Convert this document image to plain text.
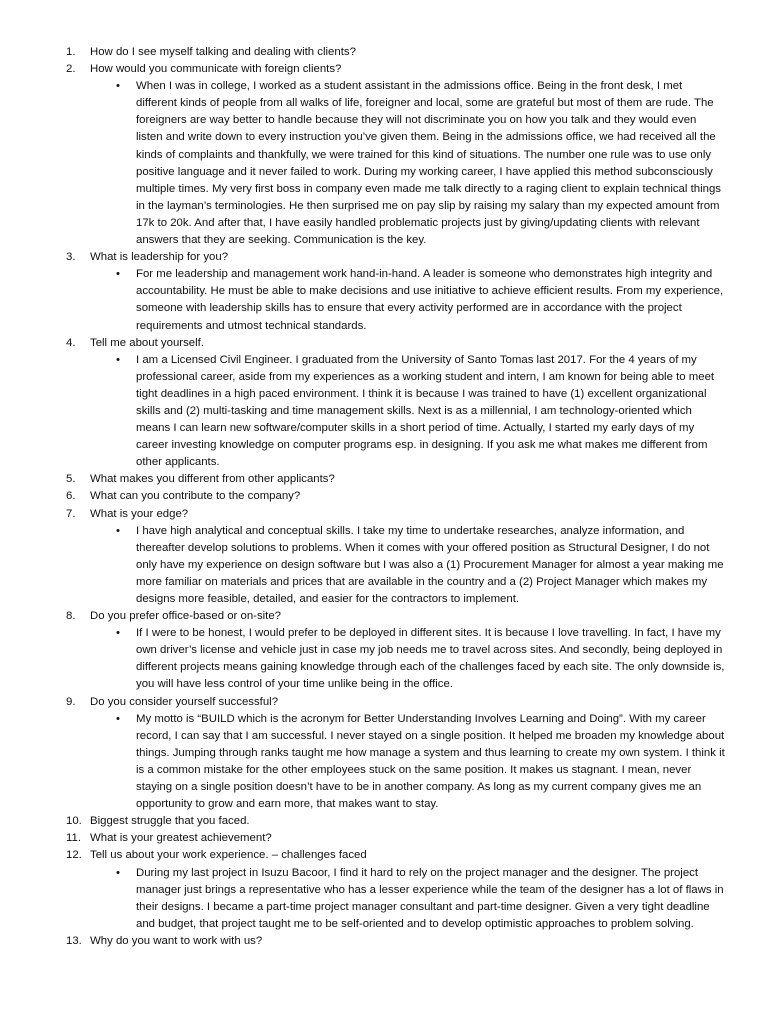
1.	How do I see myself talking and dealing with clients?
2.	How would you communicate with foreign clients?
•	When I was in college, I worked as a student assistant in the admissions office. Being in the front desk, I met different kinds of people from all walks of life, foreigner and local, some are grateful but most of them are rude. The foreigners are way better to handle because they will not discriminate you on how you talk and they would even listen and write down to every instruction you’ve given them. Being in the admissions office, we had received all the kinds of complaints and thankfully, we were trained for this kind of situations. The number one rule was to use only positive language and it never failed to work. During my working career, I have applied this method subconsciously multiple times. My very first boss in company even made me talk directly to a raging client to explain technical things in the layman’s terminologies. He then surprised me on pay slip by raising my salary than my expected amount from 17k to 20k. And after that, I have easily handled problematic projects just by giving/updating clients with relevant answers that they are seeking. Communication is the key.
3.	What is leadership for you?
•	For me leadership and management work hand-in-hand. A leader is someone who demonstrates high integrity and accountability. He must be able to make decisions and use initiative to achieve efficient results. From my experience, someone with leadership skills has to ensure that every activity performed are in accordance with the project requirements and utmost technical standards.
4.	Tell me about yourself.
•	I am a Licensed Civil Engineer. I graduated from the University of Santo Tomas last 2017. For the 4 years of my professional career, aside from my experiences as a working student and intern, I am known for being able to meet tight deadlines in a high paced environment. I think it is because I was trained to have (1) excellent organizational skills and (2) multi-tasking and time management skills. Next is as a millennial, I am technology-oriented which means I can learn new software/computer skills in a short period of time. Actually, I started my early days of my career investing knowledge on computer programs esp. in designing. If you ask me what makes me different from other applicants.
5.	What makes you different from other applicants?
6.	What can you contribute to the company?
7.	What is your edge?
•	I have high analytical and conceptual skills. I take my time to undertake researches, analyze information, and thereafter develop solutions to problems. When it comes with your offered position as Structural Designer, I do not only have my experience on design software but I was also a (1) Procurement Manager for almost a year making me more familiar on materials and prices that are available in the country and a (2) Project Manager which makes my designs more feasible, detailed, and easier for the contractors to implement.
8.	Do you prefer office-based or on-site?
•	If I were to be honest, I would prefer to be deployed in different sites. It is because I love travelling. In fact, I have my own driver’s license and vehicle just in case my job needs me to travel across sites. And secondly, being deployed in different projects means gaining knowledge through each of the challenges faced by each site. The only downside is, you will have less control of your time unlike being in the office.
9.	Do you consider yourself successful?
•	My motto is “BUILD which is the acronym for Better Understanding Involves Learning and Doing”. With my career record, I can say that I am successful. I never stayed on a single position. It helped me broaden my knowledge about things. Jumping through ranks taught me how manage a system and thus learning to create my own system. I think it is a common mistake for the other employees stuck on the same position. It makes us stagnant. I mean, never staying on a single position doesn’t have to be in another company. As long as my current company gives me an opportunity to grow and earn more, that makes want to stay.
10. Biggest struggle that you faced.
11. What is your greatest achievement?
12. Tell us about your work experience. – challenges faced
•	During my last project in Isuzu Bacoor, I find it hard to rely on the project manager and the designer. The project manager just brings a representative who has a lesser experience while the team of the designer has a lot of flaws in their designs. I became a part-time project manager consultant and part-time designer. Given a very tight deadline and budget, that project taught me to be self-oriented and to develop optimistic approaches to problem solving.
13. Why do you want to work with us?
